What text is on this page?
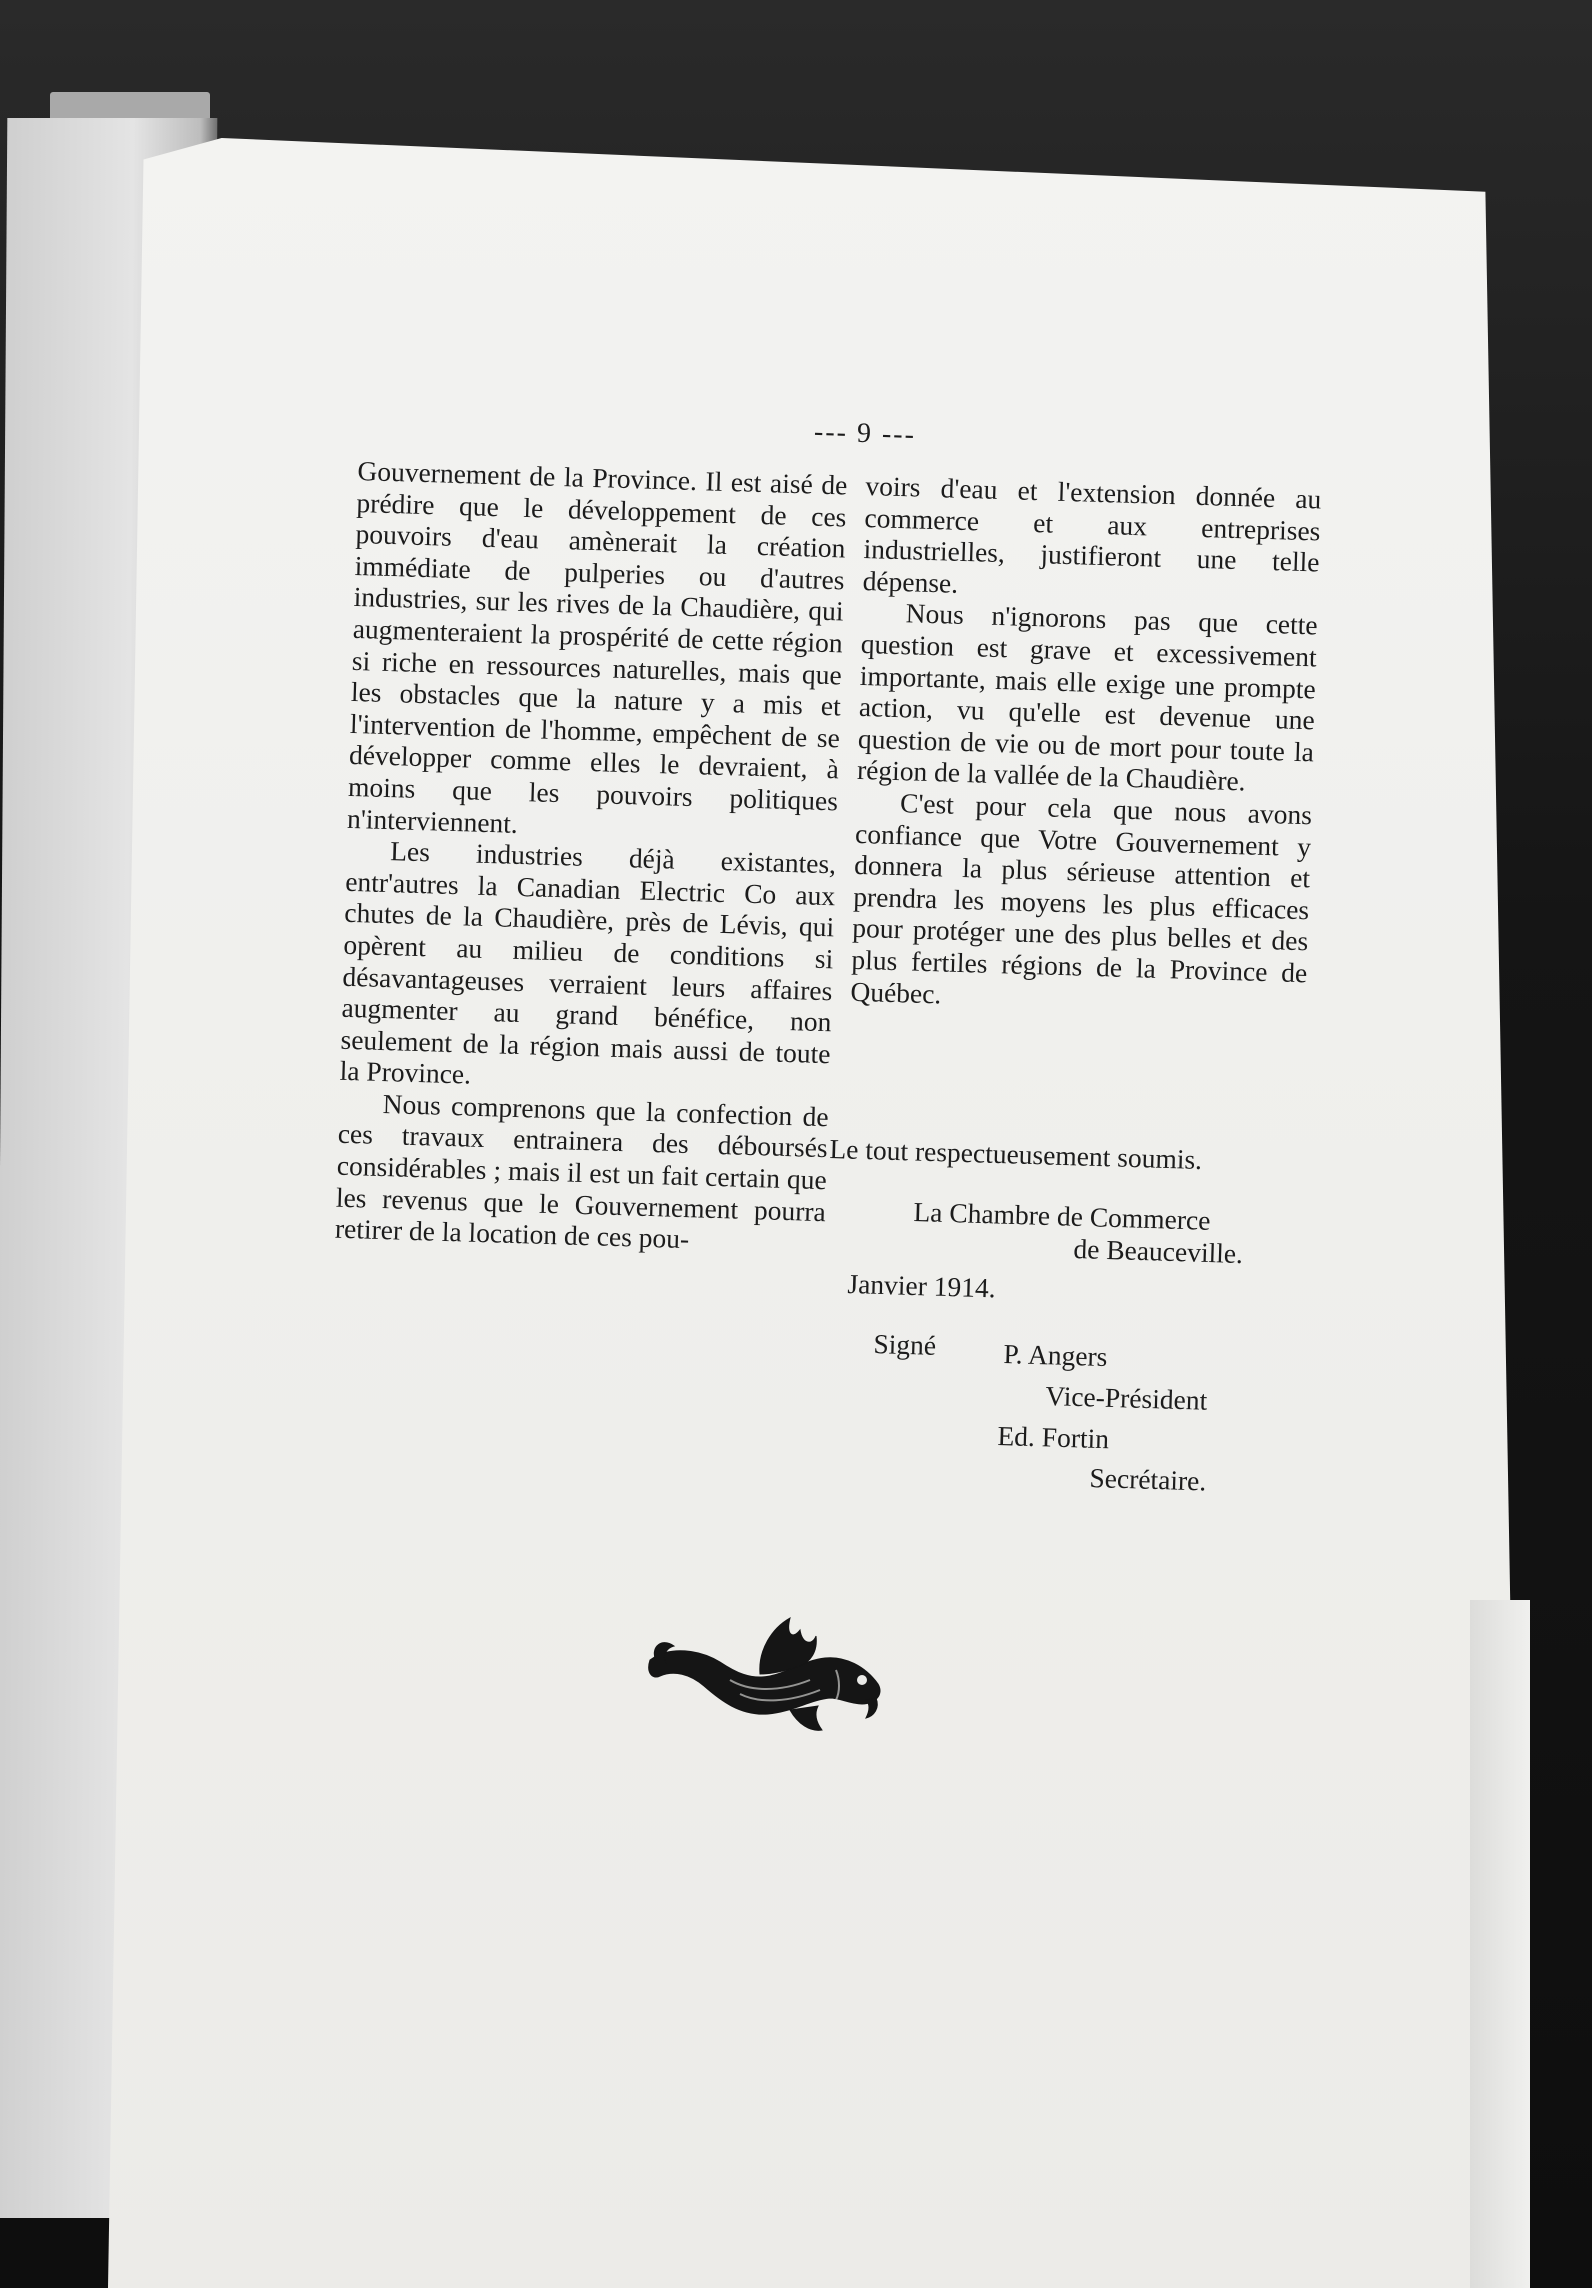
--- 9 ---

Gouvernement de la Province. Il est aisé de prédire que le développement de ces pouvoirs d'eau amènerait la création immédiate de pulperies ou d'autres industries, sur les rives de la Chaudière, qui augmenteraient la prospérité de cette région si riche en ressources naturelles, mais que les obstacles que la nature y a mis et l'intervention de l'homme, empêchent de se développer comme elles le devraient, à moins que les pouvoirs politiques n'interviennent.

Les industries déjà existantes, entr'autres la Canadian Electric Co aux chutes de la Chaudière, près de Lévis, qui opèrent au milieu de conditions si désavantageuses verraient leurs affaires augmenter au grand bénéfice, non seulement de la région mais aussi de toute la Province.

Nous comprenons que la confection de ces travaux entrainera des déboursés considérables ; mais il est un fait certain que les revenus que le Gouvernement pourra retirer de la location de ces pou-

voirs d'eau et l'extension donnée au commerce et aux entreprises industrielles, justifieront une telle dépense.

Nous n'ignorons pas que cette question est grave et excessivement importante, mais elle exige une prompte action, vu qu'elle est devenue une question de vie ou de mort pour toute la région de la vallée de la Chaudière.

C'est pour cela que nous avons confiance que Votre Gouvernement y donnera la plus sérieuse attention et prendra les moyens les plus efficaces pour protéger une des plus belles et des plus fertiles régions de la Province de Québec.

Le tout respectueusement soumis.
La Chambre de Commerce
de Beauceville.
Janvier 1914.
Signé P. Angers
Vice-Président
Ed. Fortin
Secrétaire.
